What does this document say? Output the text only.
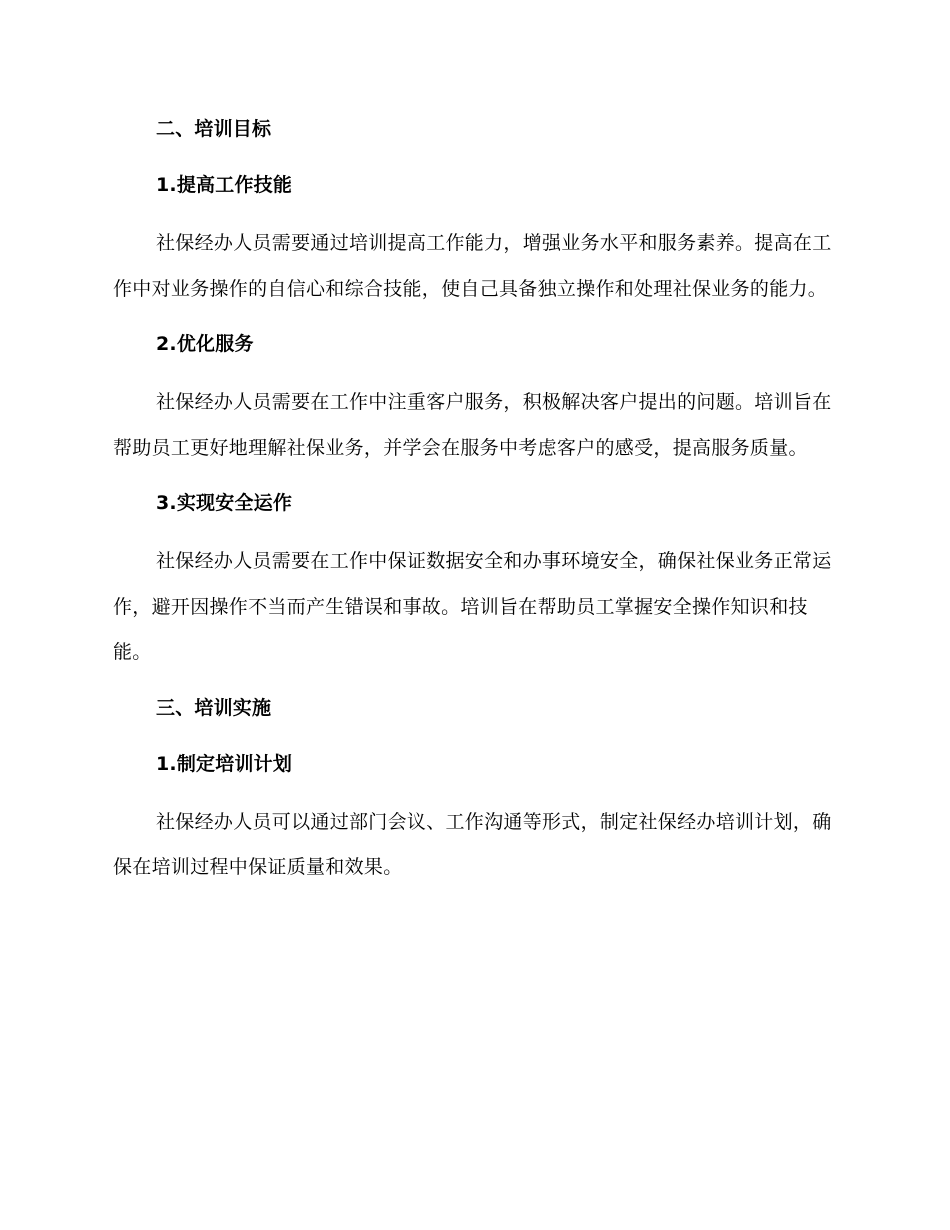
二、培训目标
1.提高工作技能

社保经办人员需要通过培训提高工作能力，增强业务水平和服务素养。提高在工作中对业务操作的自信心和综合技能，使自己具备独立操作和处理社保业务的能力。

2.优化服务

社保经办人员需要在工作中注重客户服务，积极解决客户提出的问题。培训旨在帮助员工更好地理解社保业务，并学会在服务中考虑客户的感受，提高服务质量。

3.实现安全运作

社保经办人员需要在工作中保证数据安全和办事环境安全，确保社保业务正常运作，避开因操作不当而产生错误和事故。培训旨在帮助员工掌握安全操作知识和技能。

三、培训实施
1.制定培训计划

社保经办人员可以通过部门会议、工作沟通等形式，制定社保经办培训计划，确保在培训过程中保证质量和效果。
